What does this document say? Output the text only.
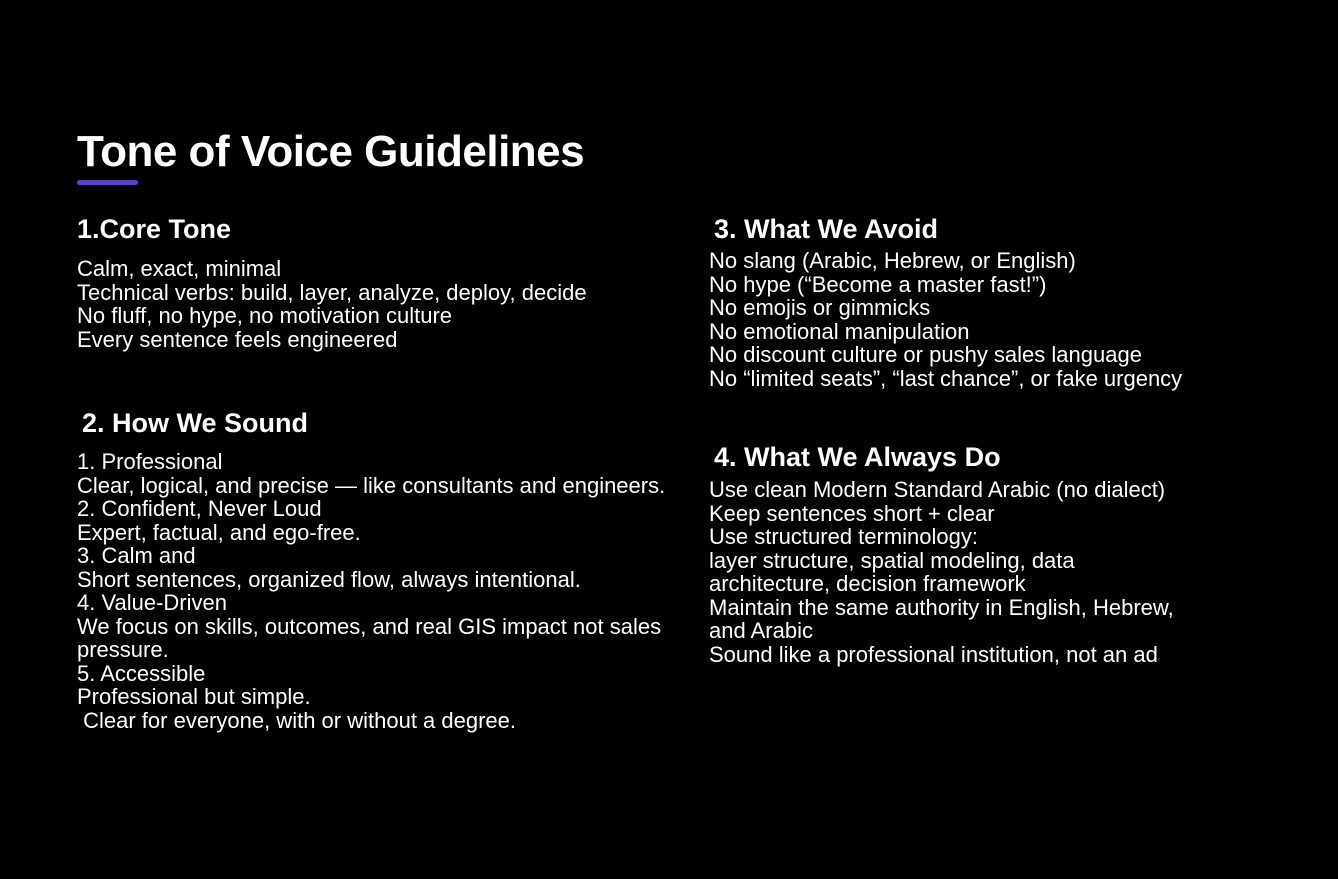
Tone of Voice Guidelines
1.Core Tone
Calm, exact, minimal
Technical verbs: build, layer, analyze, deploy, decide
No fluff, no hype, no motivation culture
Every sentence feels engineered
2. How We Sound
1. Professional
Clear, logical, and precise — like consultants and engineers.
2. Confident, Never Loud
Expert, factual, and ego-free.
3. Calm and
Short sentences, organized flow, always intentional.
4. Value-Driven
We focus on skills, outcomes, and real GIS impact not sales pressure.
5. Accessible
Professional but simple.
Clear for everyone, with or without a degree.
3. What We Avoid
No slang (Arabic, Hebrew, or English)
No hype (“Become a master fast!”)
No emojis or gimmicks
No emotional manipulation
No discount culture or pushy sales language
No “limited seats”, “last chance”, or fake urgency
4. What We Always Do
Use clean Modern Standard Arabic (no dialect)
Keep sentences short + clear
Use structured terminology:
layer structure, spatial modeling, data architecture, decision framework
Maintain the same authority in English, Hebrew, and Arabic
Sound like a professional institution, not an ad
